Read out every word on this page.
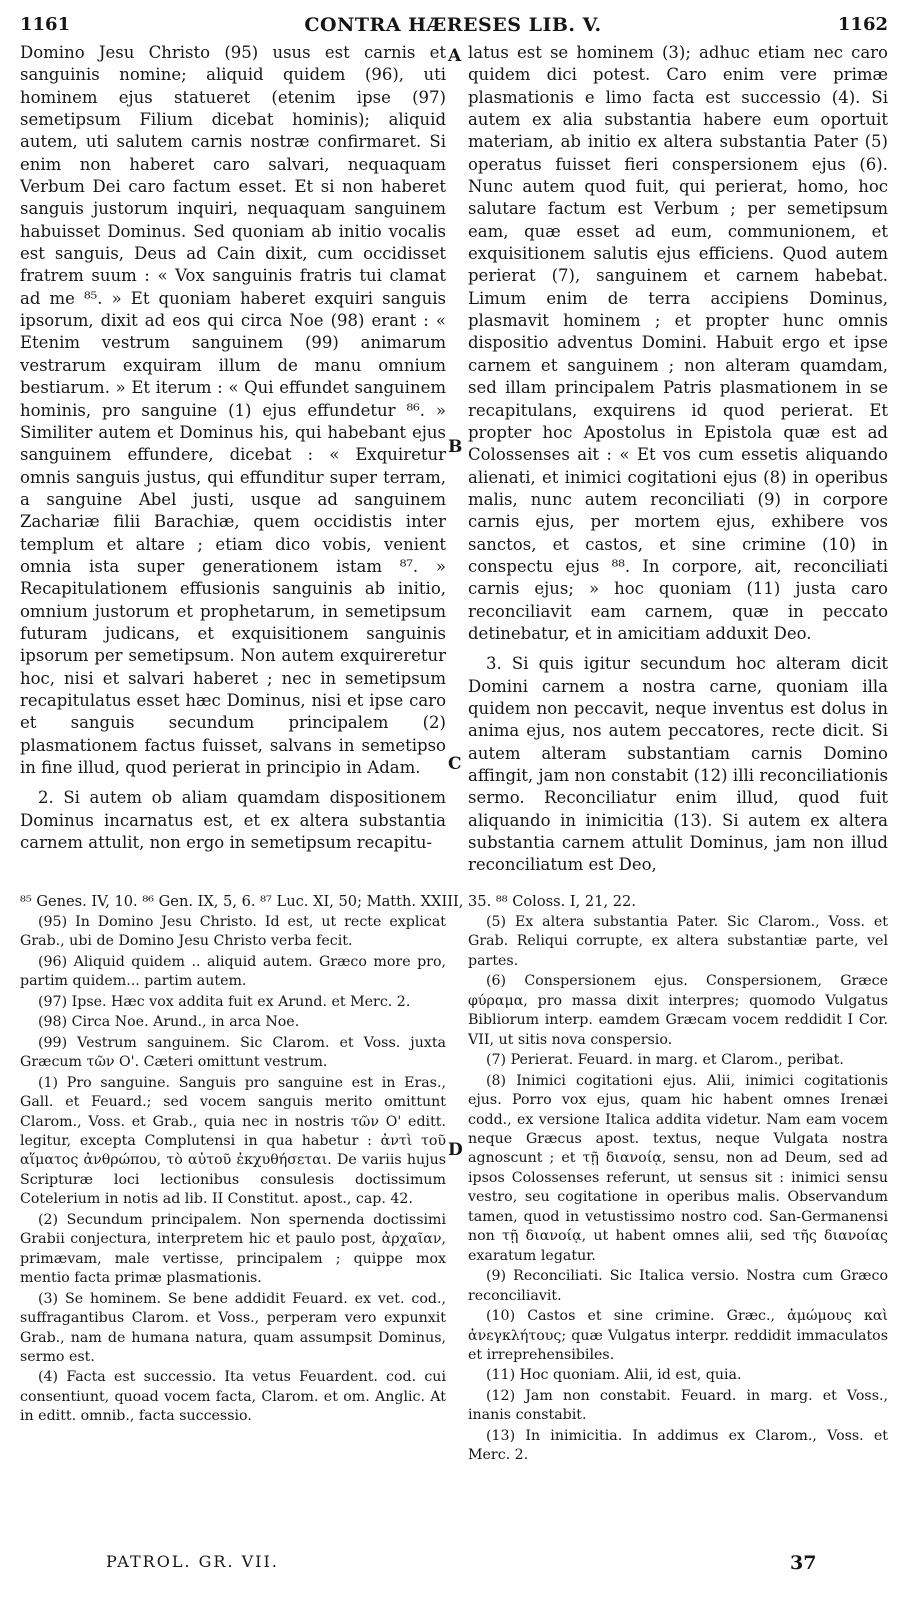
1161	CONTRA HÆRESES LIB. V.	1162

Domino Jesu Christo (95) usus est carnis et sanguinis nomine; aliquid quidem (96), uti hominem ejus statueret (etenim ipse (97) semetipsum Filium dicebat hominis); aliquid autem, uti salutem carnis nostræ confirmaret. Si enim non haberet caro salvari, nequaquam Verbum Dei caro factum esset. Et si non haberet sanguis justorum inquiri, nequaquam sanguinem habuisset Dominus. Sed quoniam ab initio vocalis est sanguis, Deus ad Cain dixit, cum occidisset fratrem suum : « Vox sanguinis fratris tui clamat ad me ⁸⁵. » Et quoniam haberet exquiri sanguis ipsorum, dixit ad eos qui circa Noe (98) erant : « Etenim vestrum sanguinem (99) animarum vestrarum exquiram illum de manu omnium bestiarum. » Et iterum : « Qui effundet sanguinem hominis, pro sanguine (1) ejus effundetur ⁸⁶. » Similiter autem et Dominus his, qui habebant ejus sanguinem effundere, dicebat : « Exquiretur omnis sanguis justus, qui effunditur super terram, a sanguine Abel justi, usque ad sanguinem Zachariæ filii Barachiæ, quem occidistis inter templum et altare ; etiam dico vobis, venient omnia ista super generationem istam ⁸⁷. » Recapitulationem effusionis sanguinis ab initio, omnium justorum et prophetarum, in semetipsum futuram judicans, et exquisitionem sanguinis ipsorum per semetipsum. Non autem exquireretur hoc, nisi et salvari haberet ; nec in semetipsum recapitulatus esset hæc Dominus, nisi et ipse caro et sanguis secundum principalem (2) plasmationem factus fuisset, salvans in semetipso in fine illud, quod perierat in principio in Adam.

2. Si autem ob aliam quamdam dispositionem Dominus incarnatus est, et ex altera substantia carnem attulit, non ergo in semetipsum recapitu-

latus est se hominem (3); adhuc etiam nec caro quidem dici potest. Caro enim vere primæ plasmationis e limo facta est successio (4). Si autem ex alia substantia habere eum oportuit materiam, ab initio ex altera substantia Pater (5) operatus fuisset fieri conspersionem ejus (6). Nunc autem quod fuit, qui perierat, homo, hoc salutare factum est Verbum ; per semetipsum eam, quæ esset ad eum, communionem, et exquisitionem salutis ejus efficiens. Quod autem perierat (7), sanguinem et carnem habebat. Limum enim de terra accipiens Dominus, plasmavit hominem ; et propter hunc omnis dispositio adventus Domini. Habuit ergo et ipse carnem et sanguinem ; non alteram quamdam, sed illam principalem Patris plasmationem in se recapitulans, exquirens id quod perierat. Et propter hoc Apostolus in Epistola quæ est ad Colossenses ait : « Et vos cum essetis aliquando alienati, et inimici cogitationi ejus (8) in operibus malis, nunc autem reconciliati (9) in corpore carnis ejus, per mortem ejus, exhibere vos sanctos, et castos, et sine crimine (10) in conspectu ejus ⁸⁸. In corpore, ait, reconciliati carnis ejus; » hoc quoniam (11) justa caro reconciliavit eam carnem, quæ in peccato detinebatur, et in amicitiam adduxit Deo.

3. Si quis igitur secundum hoc alteram dicit Domini carnem a nostra carne, quoniam illa quidem non peccavit, neque inventus est dolus in anima ejus, nos autem peccatores, recte dicit. Si autem alteram substantiam carnis Domino affingit, jam non constabit (12) illi reconciliationis sermo. Reconciliatur enim illud, quod fuit aliquando in inimicitia (13). Si autem ex altera substantia carnem attulit Dominus, jam non illud reconciliatum est Deo,

A
B
C
D
⁸⁵ Genes. IV, 10. ⁸⁶ Gen. IX, 5, 6. ⁸⁷ Luc. XI, 50; Matth. XXIII, 35. ⁸⁸ Coloss. I, 21, 22.

(95) In Domino Jesu Christo. Id est, ut recte explicat Grab., ubi de Domino Jesu Christo verba fecit.

(96) Aliquid quidem .. aliquid autem. Græco more pro, partim quidem... partim autem.

(97) Ipse. Hæc vox addita fuit ex Arund. et Merc. 2.

(98) Circa Noe. Arund., in arca Noe.

(99) Vestrum sanguinem. Sic Clarom. et Voss. juxta Græcum τῶν Ο'. Cæteri omittunt vestrum.

(1) Pro sanguine. Sanguis pro sanguine est in Eras., Gall. et Feuard.; sed vocem sanguis merito omittunt Clarom., Voss. et Grab., quia nec in nostris τῶν Ο' editt. legitur, excepta Complutensi in qua habetur : ἀντὶ τοῦ αἵματος ἀνθρώπου, τὸ αὐτοῦ ἐκχυθήσεται. De variis hujus Scripturæ loci lectionibus consulesis doctissimum Cotelerium in notis ad lib. II Constitut. apost., cap. 42.

(2) Secundum principalem. Non spernenda doctissimi Grabii conjectura, interpretem hic et paulo post, ἀρχαῖαν, primævam, male vertisse, principalem ; quippe mox mentio facta primæ plasmationis.

(3) Se hominem. Se bene addidit Feuard. ex vet. cod., suffragantibus Clarom. et Voss., perperam vero expunxit Grab., nam de humana natura, quam assumpsit Dominus, sermo est.

(4) Facta est successio. Ita vetus Feuardent. cod. cui consentiunt, quoad vocem facta, Clarom. et om. Anglic. At in editt. omnib., facta successio.

(5) Ex altera substantia Pater. Sic Clarom., Voss. et Grab. Reliqui corrupte, ex altera substantiæ parte, vel partes.

(6) Conspersionem ejus. Conspersionem, Græce φύραμα, pro massa dixit interpres; quomodo Vulgatus Bibliorum interp. eamdem Græcam vocem reddidit I Cor. VII, ut sitis nova conspersio.

(7) Perierat. Feuard. in marg. et Clarom., peribat.

(8) Inimici cogitationi ejus. Alii, inimici cogitationis ejus. Porro vox ejus, quam hic habent omnes Irenæi codd., ex versione Italica addita videtur. Nam eam vocem neque Græcus apost. textus, neque Vulgata nostra agnoscunt ; et τῇ διανοίᾳ, sensu, non ad Deum, sed ad ipsos Colossenses referunt, ut sensus sit : inimici sensu vestro, seu cogitatione in operibus malis. Observandum tamen, quod in vetustissimo nostro cod. San-Germanensi non τῇ διανοίᾳ, ut habent omnes alii, sed τῆς διανοίας exaratum legatur.

(9) Reconciliati. Sic Italica versio. Nostra cum Græco reconciliavit.

(10) Castos et sine crimine. Græc., ἀμώμους καὶ ἀνεγκλήτους; quæ Vulgatus interpr. reddidit immaculatos et irreprehensibiles.

(11) Hoc quoniam. Alii, id est, quia.

(12) Jam non constabit. Feuard. in marg. et Voss., inanis constabit.

(13) In inimicitia. In addimus ex Clarom., Voss. et Merc. 2.

PATROL. GR. VII.	37
